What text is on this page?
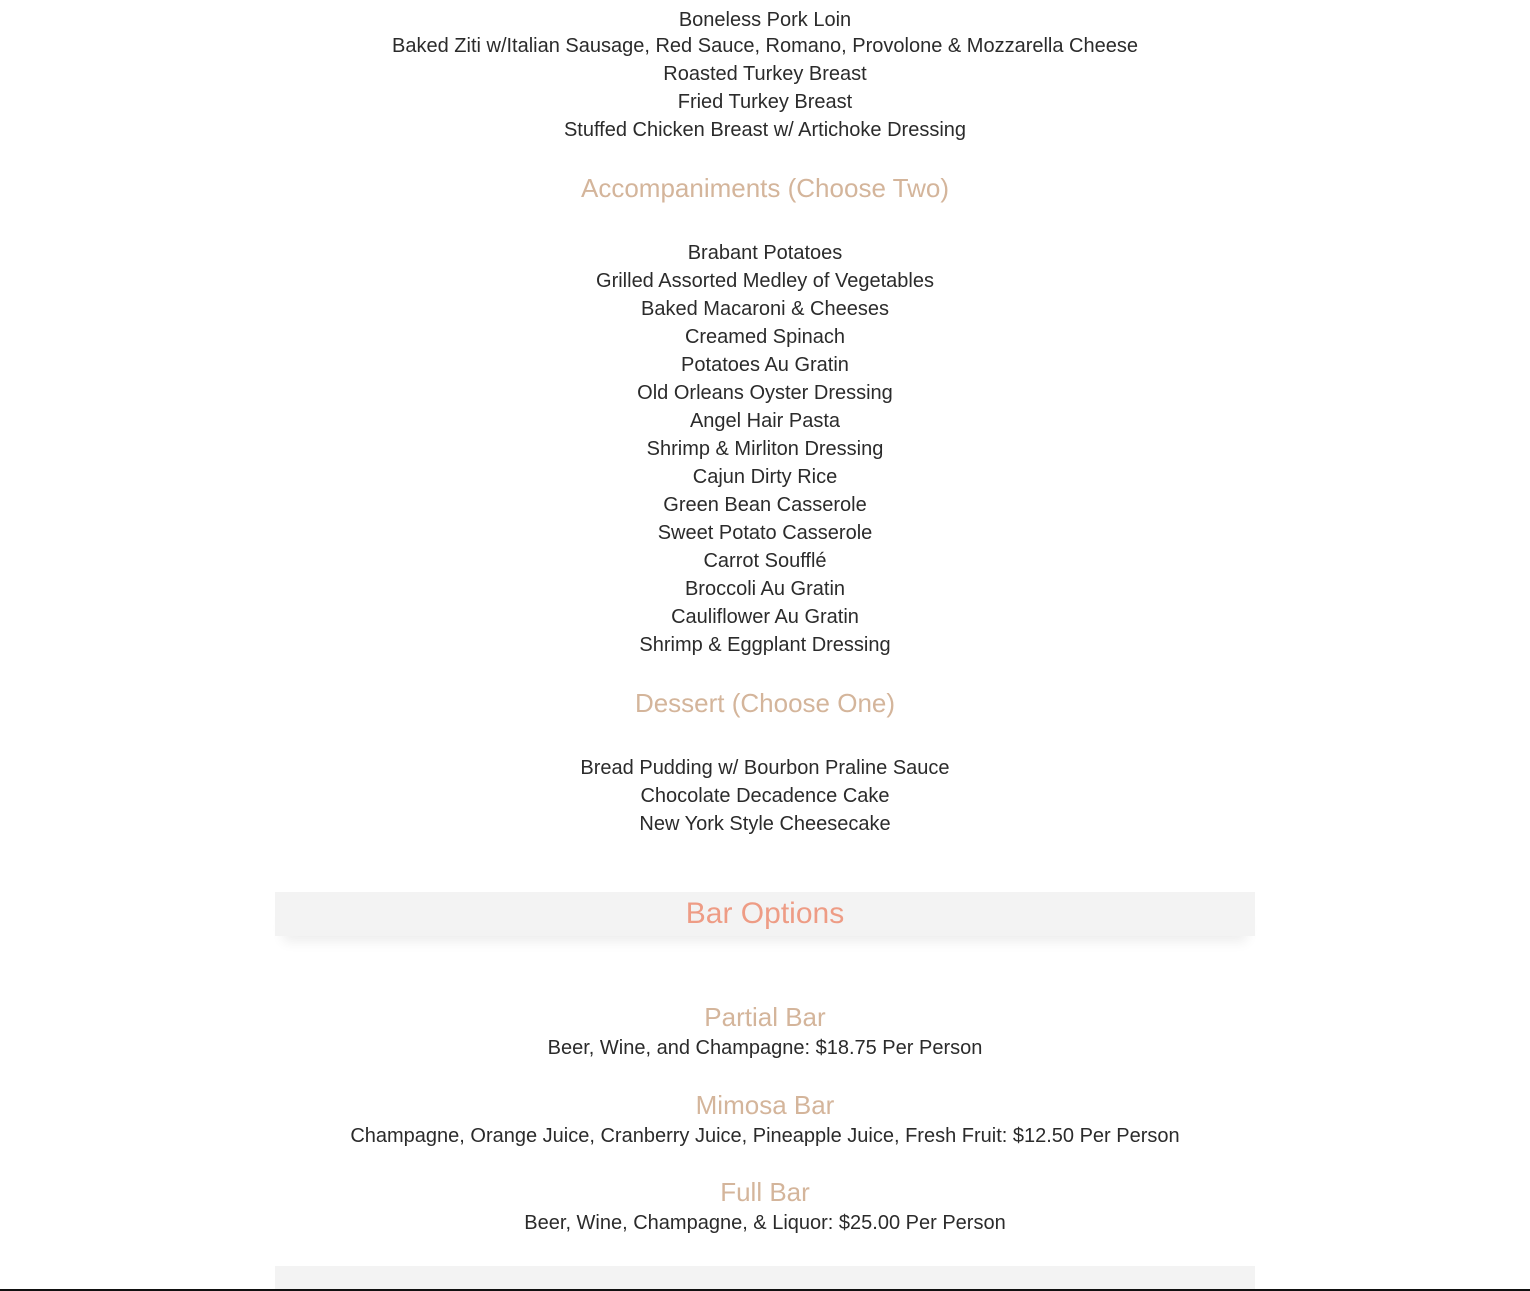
Boneless Pork Loin
Baked Ziti w/Italian Sausage, Red Sauce, Romano, Provolone & Mozzarella Cheese
Roasted Turkey Breast
Fried Turkey Breast
Stuffed Chicken Breast w/ Artichoke Dressing
Accompaniments (Choose Two)
Brabant Potatoes
Grilled Assorted Medley of Vegetables
Baked Macaroni & Cheeses
Creamed Spinach
Potatoes Au Gratin
Old Orleans Oyster Dressing
Angel Hair Pasta
Shrimp & Mirliton Dressing
Cajun Dirty Rice
Green Bean Casserole
Sweet Potato Casserole
Carrot Soufflé
Broccoli Au Gratin
Cauliflower Au Gratin
Shrimp & Eggplant Dressing
Dessert (Choose One)
Bread Pudding w/ Bourbon Praline Sauce
Chocolate Decadence Cake
New York Style Cheesecake
Bar Options
Partial Bar
Beer, Wine, and Champagne: $18.75 Per Person
Mimosa Bar
Champagne, Orange Juice, Cranberry Juice, Pineapple Juice, Fresh Fruit: $12.50 Per Person
Full Bar
Beer, Wine, Champagne, & Liquor: $25.00 Per Person
